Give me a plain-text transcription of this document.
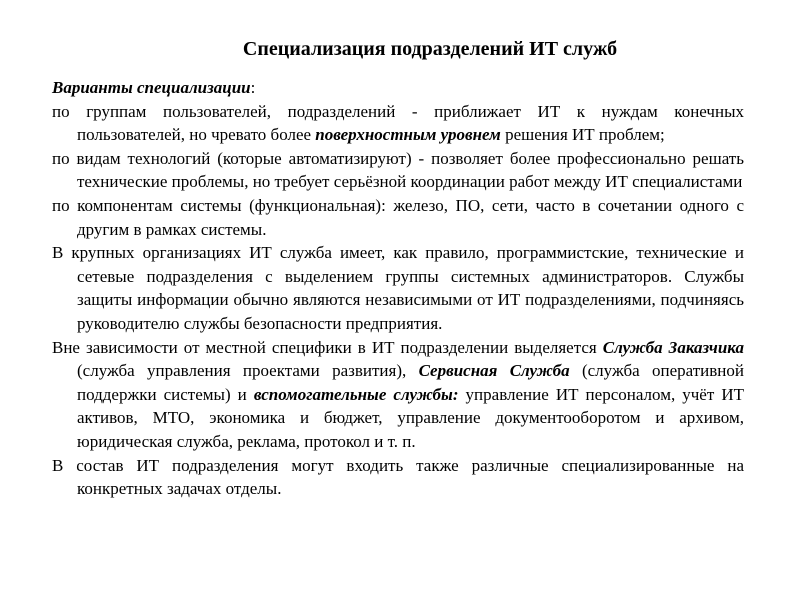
Специализация подразделений ИТ служб

Варианты специализации:

по группам пользователей, подразделений - приближает ИТ к нуждам конечных пользователей, но чревато более поверхностным уровнем решения ИТ проблем;

по видам технологий (которые автоматизируют) - позволяет более профессионально решать технические проблемы, но требует серьёзной координации работ между ИТ специалистами

по компонентам системы (функциональная): железо, ПО, сети, часто в сочетании одного с другим в рамках системы.

В крупных организациях ИТ служба имеет, как правило, программистские, технические и сетевые подразделения с выделением группы системных администраторов. Службы защиты информации обычно являются независимыми от ИТ подразделениями, подчиняясь руководителю службы безопасности предприятия.

Вне зависимости от местной специфики в ИТ подразделении выделяется Служба Заказчика (служба управления проектами развития), Сервисная Служба (служба оперативной поддержки системы) и вспомогательные службы: управление ИТ персоналом, учёт ИТ активов, МТО, экономика и бюджет, управление документооборотом и архивом, юридическая служба, реклама, протокол и т. п.

В состав ИТ подразделения могут входить также различные специализированные на конкретных задачах отделы.
